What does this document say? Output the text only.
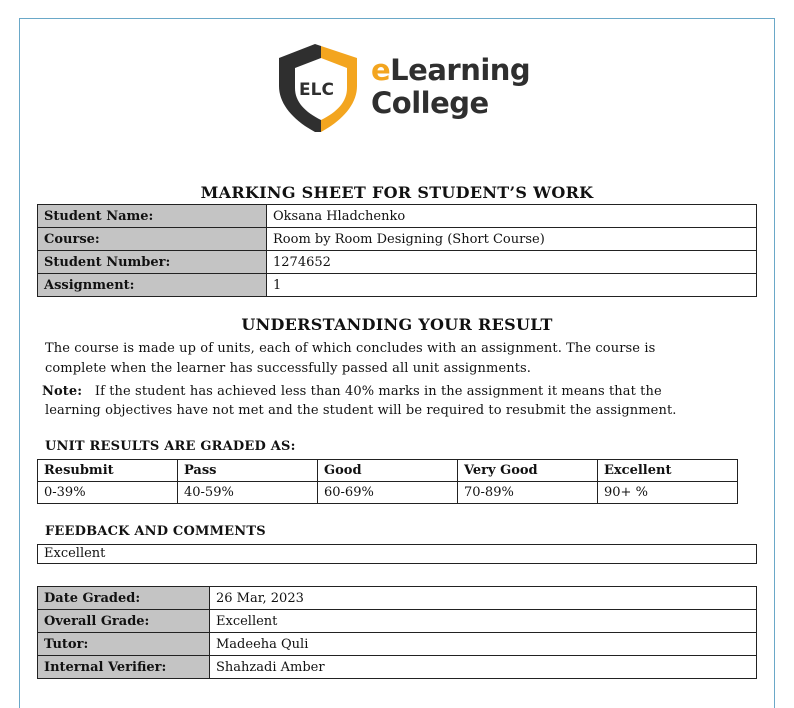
ELC
eLearning
College
MARKING SHEET FOR STUDENT’S WORK
Student Name:	Oksana Hladchenko
Course:	Room by Room Designing (Short Course)
Student Number:	1274652
Assignment:	1
UNDERSTANDING YOUR RESULT
The course is made up of units, each of which concludes with an assignment. The course is
complete when the learner has successfully passed all unit assignments.
Note: If the student has achieved less than 40% marks in the assignment it means that the
learning objectives have not met and the student will be required to resubmit the assignment.
UNIT RESULTS ARE GRADED AS:
Resubmit	Pass	Good	Very Good	Excellent
0-39%	40-59%	60-69%	70-89%	90+ %
FEEDBACK AND COMMENTS
Excellent
Date Graded:	26 Mar, 2023
Overall Grade:	Excellent
Tutor:	Madeeha Quli
Internal Verifier:	Shahzadi Amber
